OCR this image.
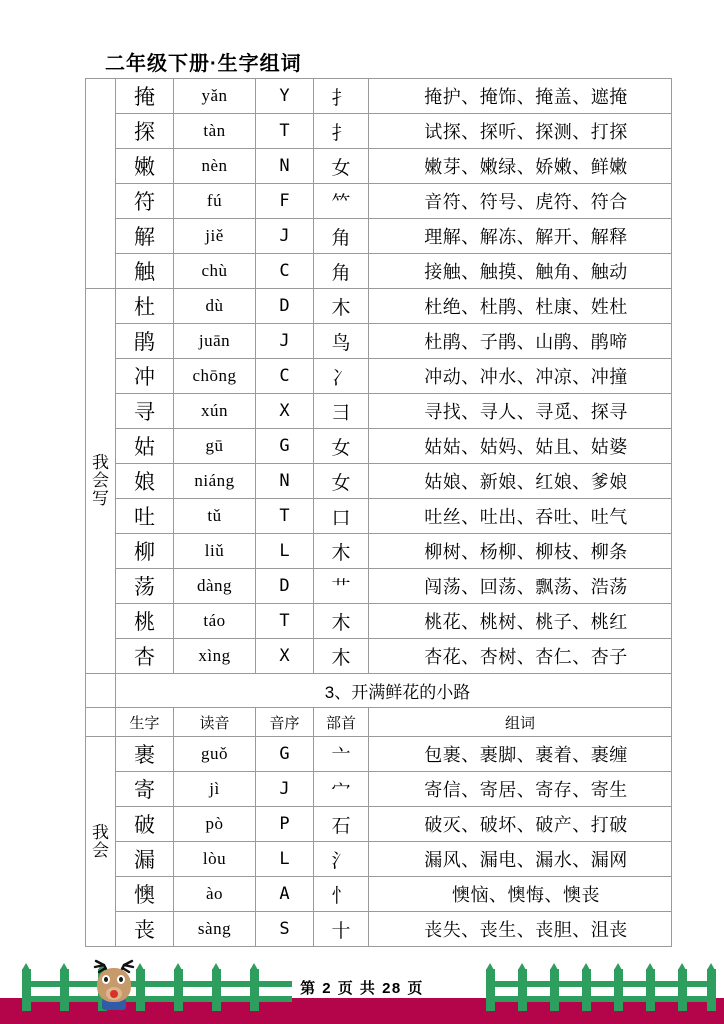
二年级下册·生字组词
	掩	yǎn	Y	扌	掩护、掩饰、掩盖、遮掩
	探	tàn	T	扌	试探、探听、探测、打探
	嫩	nèn	N	女	嫩芽、嫩绿、娇嫩、鲜嫩
	符	fú	F	𥫗	音符、符号、虎符、符合
	解	jiě	J	角	理解、解冻、解开、解释
	触	chù	C	角	接触、触摸、触角、触动

我
会
写	杜	dù	D	木	杜绝、杜鹃、杜康、姓杜
	鹃	juān	J	鸟	杜鹃、子鹃、山鹃、鹃啼
	冲	chōng	C	冫	冲动、冲水、冲凉、冲撞
	寻	xún	X	彐	寻找、寻人、寻觅、探寻
	姑	gū	G	女	姑姑、姑妈、姑且、姑婆
	娘	niáng	N	女	姑娘、新娘、红娘、爹娘
	吐	tǔ	T	口	吐丝、吐出、吞吐、吐气
	柳	liǔ	L	木	柳树、杨柳、柳枝、柳条
	荡	dàng	D	艹	闯荡、回荡、飘荡、浩荡
	桃	táo	T	木	桃花、桃树、桃子、桃红
	杏	xìng	X	木	杏花、杏树、杏仁、杏子
	3、开满鲜花的小路				
	生字	读音	音序	部首	组词

我
会	裹	guǒ	G	亠	包裹、裹脚、裹着、裹缠
	寄	jì	J	宀	寄信、寄居、寄存、寄生
	破	pò	P	石	破灭、破坏、破产、打破
	漏	lòu	L	氵	漏风、漏电、漏水、漏网
	懊	ào	A	忄	懊恼、懊悔、懊丧
	丧	sàng	S	十	丧失、丧生、丧胆、沮丧
第 2 页 共 28 页
